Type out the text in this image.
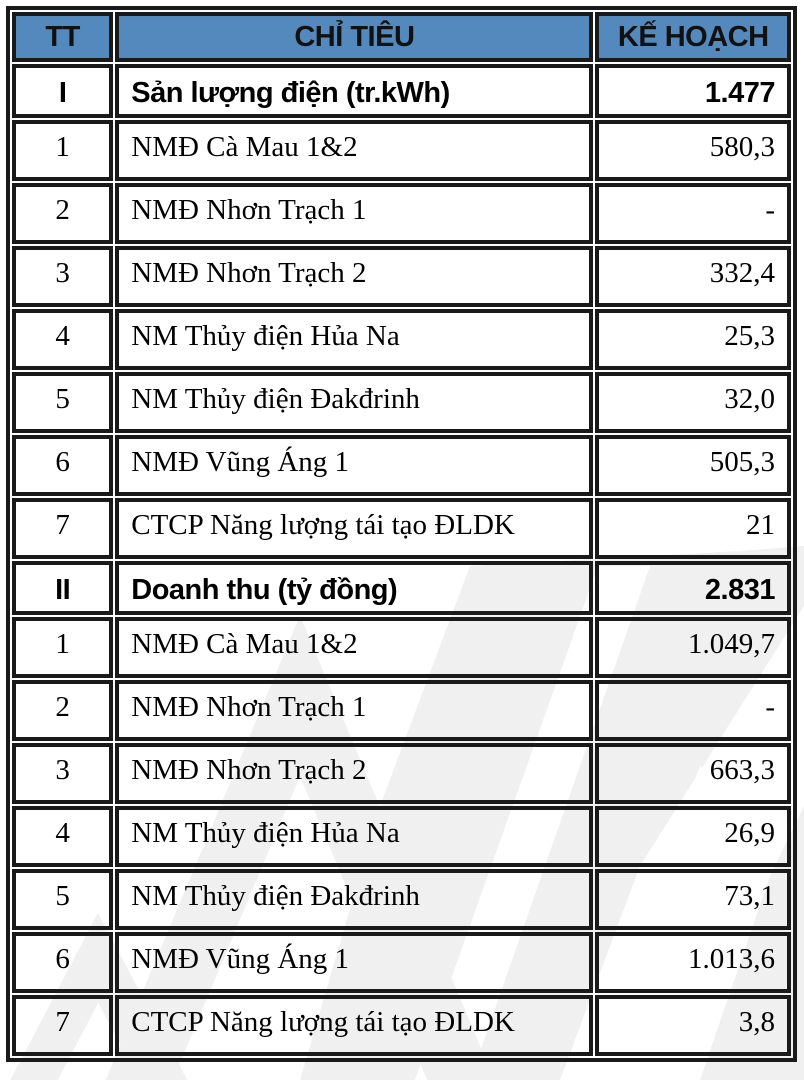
TT	CHỈ TIÊU	KẾ HOẠCH
I	Sản lượng điện (tr.kWh)	1.477
1	NMĐ Cà Mau 1&2	580,3
2	NMĐ Nhơn Trạch 1	-
3	NMĐ Nhơn Trạch 2	332,4
4	NM Thủy điện Hủa Na	25,3
5	NM Thủy điện Đakđrinh	32,0
6	NMĐ Vũng Áng 1	505,3
7	CTCP Năng lượng tái tạo ĐLDK	21
II	Doanh thu (tỷ đồng)	2.831
1	NMĐ Cà Mau 1&2	1.049,7
2	NMĐ Nhơn Trạch 1	-
3	NMĐ Nhơn Trạch 2	663,3
4	NM Thủy điện Hủa Na	26,9
5	NM Thủy điện Đakđrinh	73,1
6	NMĐ Vũng Áng 1	1.013,6
7	CTCP Năng lượng tái tạo ĐLDK	3,8
